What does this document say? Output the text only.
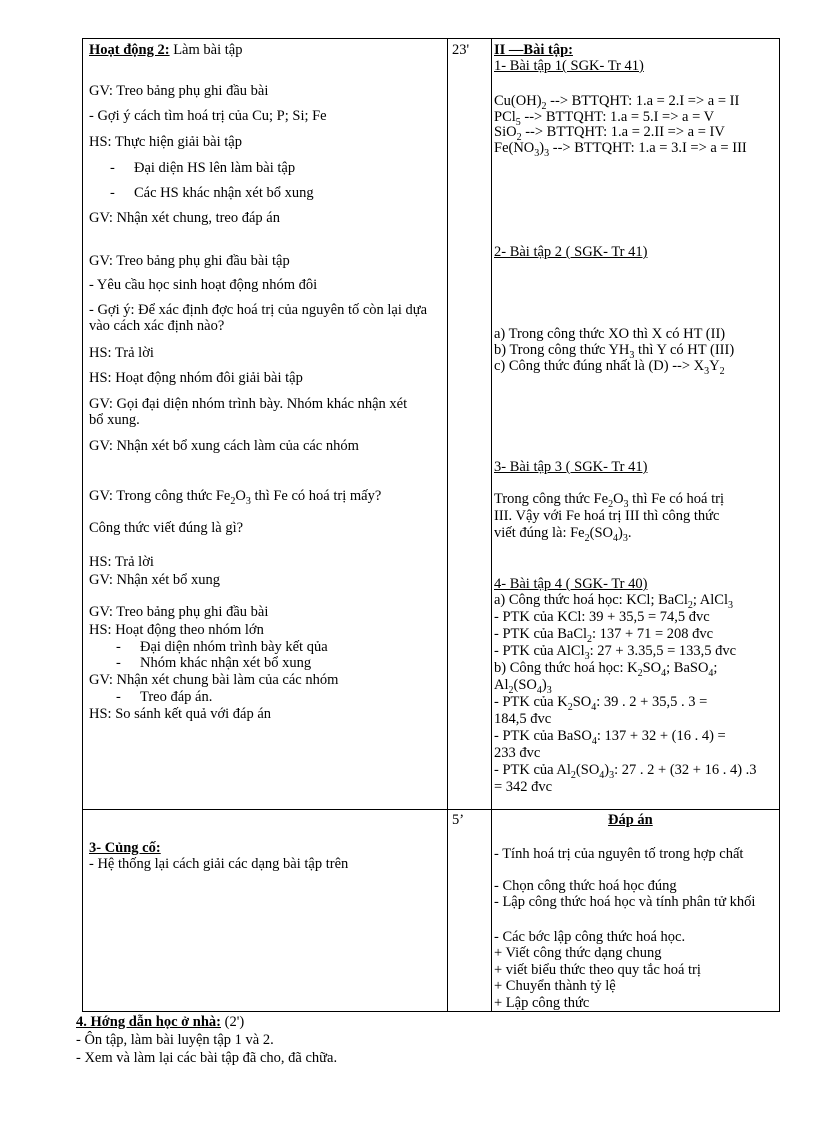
Hoạt động 2: Làm bài tập
GV: Treo bảng phụ ghi đầu bài
- Gợi ý cách tìm hoá trị của Cu; P; Si; Fe
HS: Thực hiện giải bài tập
- Đại diện HS lên làm bài tập
- Các HS khác nhận xét bổ xung
GV: Nhận xét chung, treo đáp án
GV: Treo bảng phụ ghi đầu bài tập
- Yêu cầu học sinh hoạt động nhóm đôi
- Gợi ý: Để xác định đợc hoá trị của nguyên tố còn lại dựa vào cách xác định nào?
HS: Trả lời
HS: Hoạt động nhóm đôi giải bài tập
GV: Gọi đại diện nhóm trình bày. Nhóm khác nhận xét bổ xung.
GV: Nhận xét bổ xung cách làm của các nhóm
GV: Trong công thức $Fe_2O_3$ thì Fe có hoá trị mấy?
Công thức viết đúng là gì?
HS: Trả lời
GV: Nhận xét bổ xung
GV: Treo bảng phụ ghi đầu bài
HS: Hoạt động theo nhóm lớn
- Đại diện nhóm trình bày kết qủa
- Nhóm khác nhận xét bổ xung
GV: Nhận xét chung bài làm của các nhóm
- Treo đáp án.
HS: So sánh kết quả với đáp án
3- Củng cố:
- Hệ thống lại cách giải các dạng bài tập trên
23'
5’
II —Bài tập:
1- Bài tập 1( SGK- Tr 41)
$Cu(OH)_2$ --> BTTQHT: 1.a = 2.I => a = II
PCl$_5$ --> BTTQHT: 1.a = 5.I => a = V
SiO$_2$ --> BTTQHT: 1.a = 2.II => a = IV
$Fe(NO_3)_3$ --> BTTQHT: 1.a = 3.I => a = III
2- Bài tập 2 ( SGK- Tr 41)
a) Trong công thức XO thì X có HT (II)
b) Trong công thức $YH_3$ thì Y có HT (III)
c) Công thức đúng nhất là (D) --> $X_3Y_2$
3- Bài tập 3 ( SGK- Tr 41)
Trong công thức $Fe_2O_3$ thì Fe có hoá trị
III. Vậy với Fe hoá trị III thì công thức
viết đúng là: $Fe_2(SO_4)_3$.
4- Bài tập 4 ( SGK- Tr 40)
a) Công thức hoá học: KCl; BaCl$_2$; AlCl$_3$
- PTK của KCl: 39 + 35,5 = 74,5 đvc
- PTK của BaCl$_2$: 137 + 71 = 208 đvc
- PTK của AlCl$_3$: 27 + 3.35,5 = 133,5 đvc
b) Công thức hoá học: $K_2SO_4$; BaSO$_4$;
$Al_2(SO_4)_3$
- PTK của $K_2SO_4$: 39 . 2 + 35,5 . 3 =
184,5 đvc
- PTK của BaSO$_4$: 137 + 32 + (16 . 4) =
233 đvc
- PTK của $Al_2(SO_4)_3$: 27 . 2 + (32 + 16 . 4) .3
= 342 đvc
Đáp án
- Tính hoá trị của nguyên tố trong hợp chất
- Chọn công thức hoá học đúng
- Lập công thức hoá học và tính phân tử khối
- Các bớc lập công thức hoá học.
+ Viết công thức dạng chung
+ viết biểu thức theo quy tắc hoá trị
+ Chuyển thành tỷ lệ
+ Lập công thức
4. Hớng dẫn học ở nhà: (2')
- Ôn tập, làm bài luyện tập 1 và 2.
- Xem và làm lại các bài tập đã cho, đã chữa.
